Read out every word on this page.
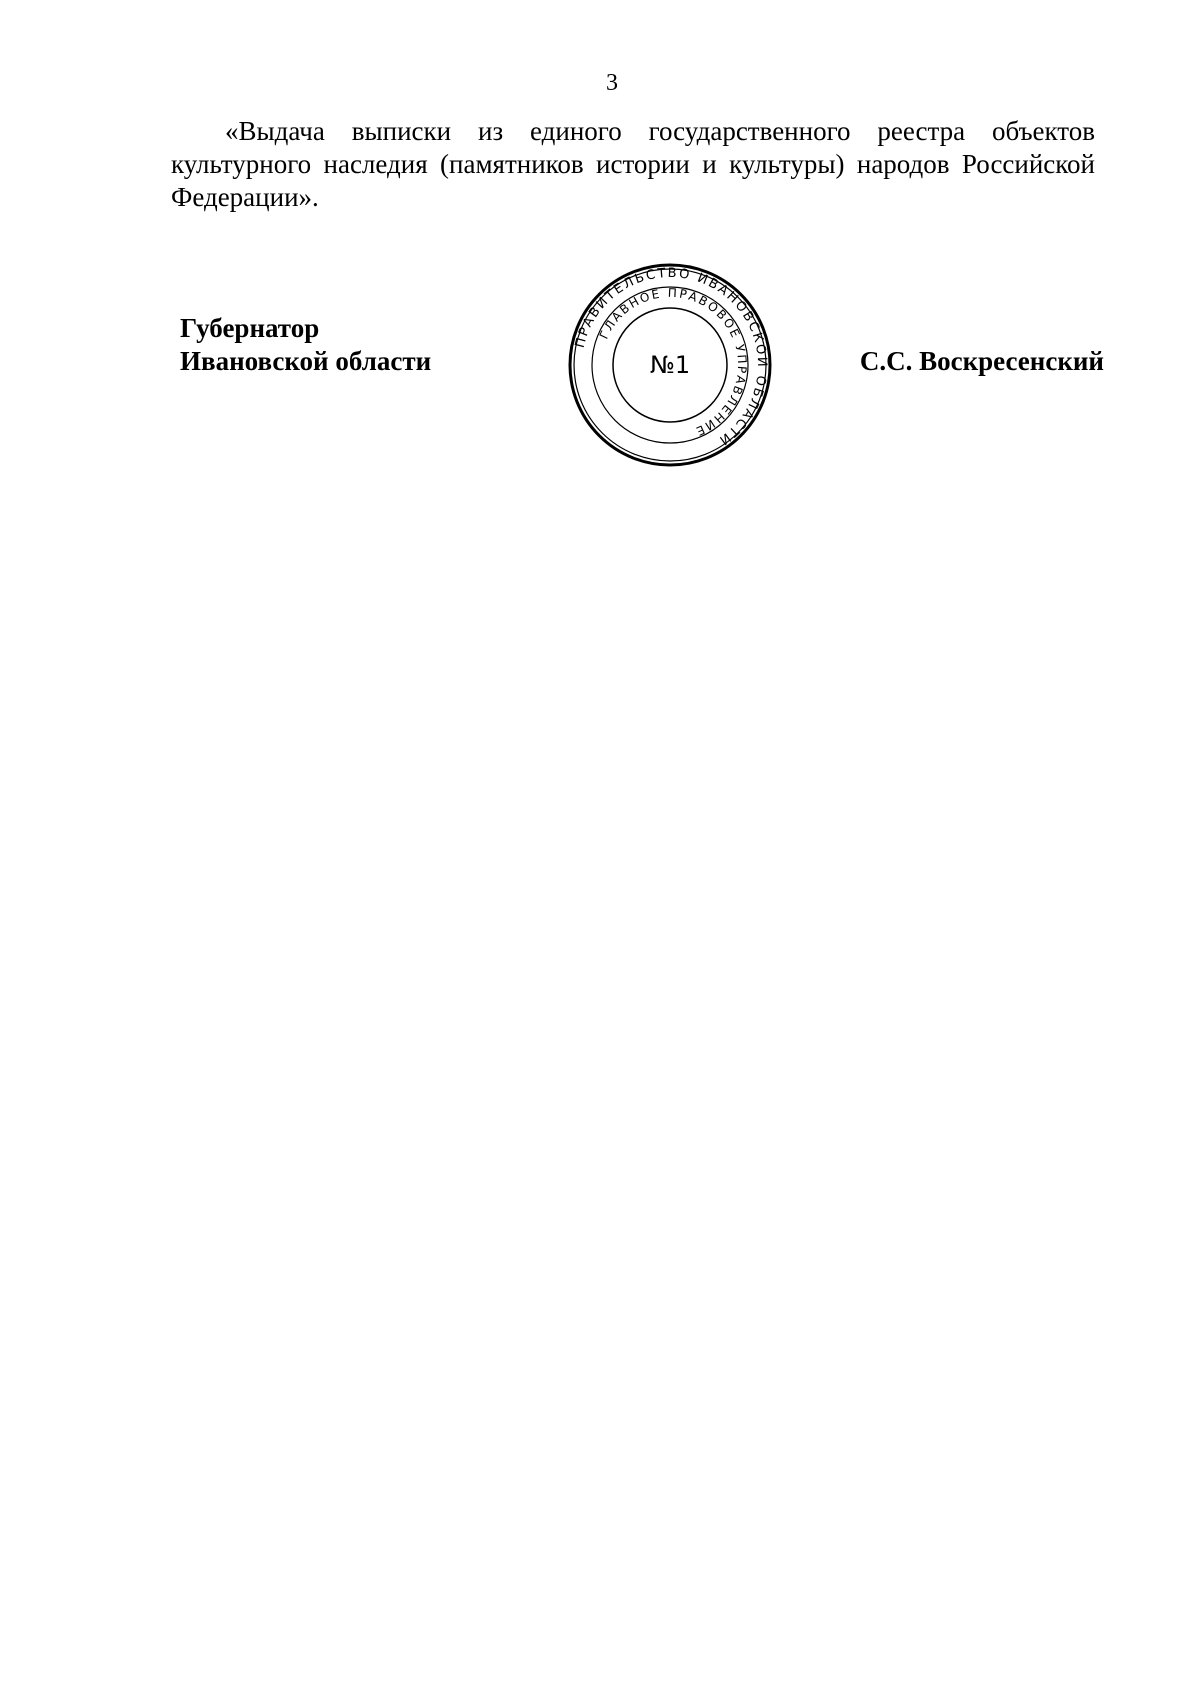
3

«Выдача выписки из единого государственного реестра объектов культурного наследия (памятников истории и культуры) народов Российской Федерации».

Губернатор
Ивановской области
ПРАВИТЕЛЬСТВО ИВАНОВСКОЙ ОБЛАСТИ
ГЛАВНОЕ ПРАВОВОЕ УПРАВЛЕНИЕ
№1	С.С. Воскресенский
